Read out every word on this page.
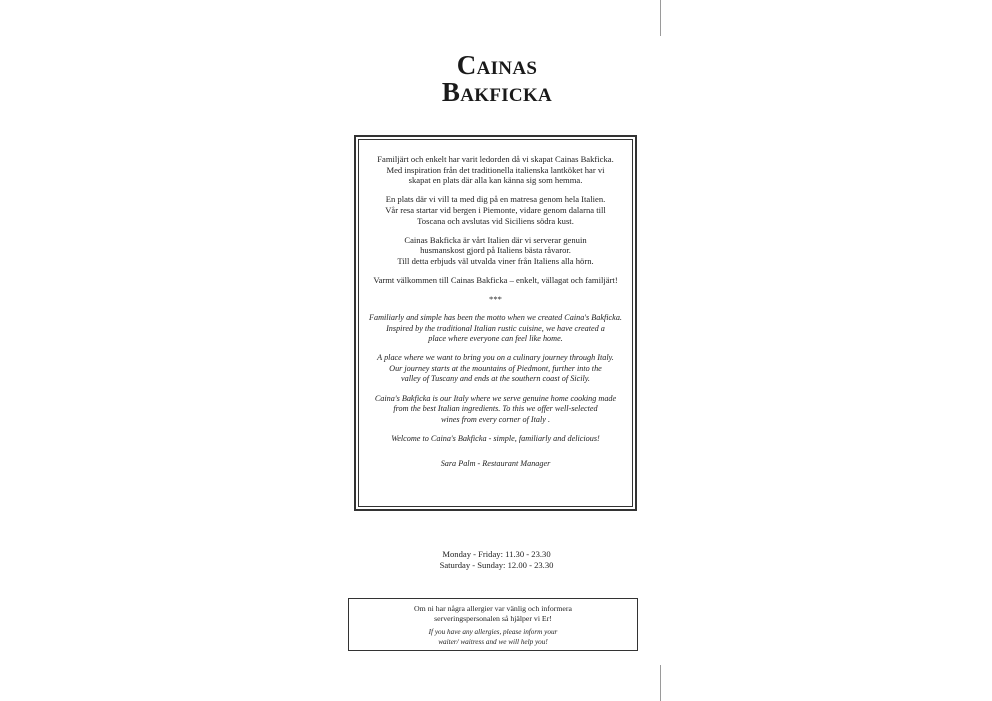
Cainas
Bakficka
Familjärt och enkelt har varit ledorden då vi skapat Cainas Bakficka.
Med inspiration från det traditionella italienska lantköket har vi
skapat en plats där alla kan känna sig som hemma.
En plats där vi vill ta med dig på en matresa genom hela Italien.
Vår resa startar vid bergen i Piemonte, vidare genom dalarna till
Toscana och avslutas vid Siciliens södra kust.
Cainas Bakficka är vårt Italien där vi serverar genuin
husmanskost gjord på Italiens bästa råvaror.
Till detta erbjuds väl utvalda viner från Italiens alla hörn.
Varmt välkommen till Cainas Bakficka – enkelt, vällagat och familjärt!
***
Familiarly and simple has been the motto when we created Caina's Bakficka.
Inspired by the traditional Italian rustic cuisine, we have created a
place where everyone can feel like home.
A place where we want to bring you on a culinary journey through Italy.
Our journey starts at the mountains of Piedmont, further into the
valley of Tuscany and ends at the southern coast of Sicily.
Caina's Bakficka is our Italy where we serve genuine home cooking made
from the best Italian ingredients. To this we offer well-selected
wines from every corner of Italy .
Welcome to Caina's Bakficka - simple, familiarly and delicious!
Sara Palm - Restaurant Manager
Monday - Friday: 11.30 - 23.30
Saturday - Sunday: 12.00 - 23.30
Om ni har några allergier var vänlig och informera
serveringspersonalen så hjälper vi Er!
If you have any allergies, please inform your
waiter/ waitress and we will help you!
